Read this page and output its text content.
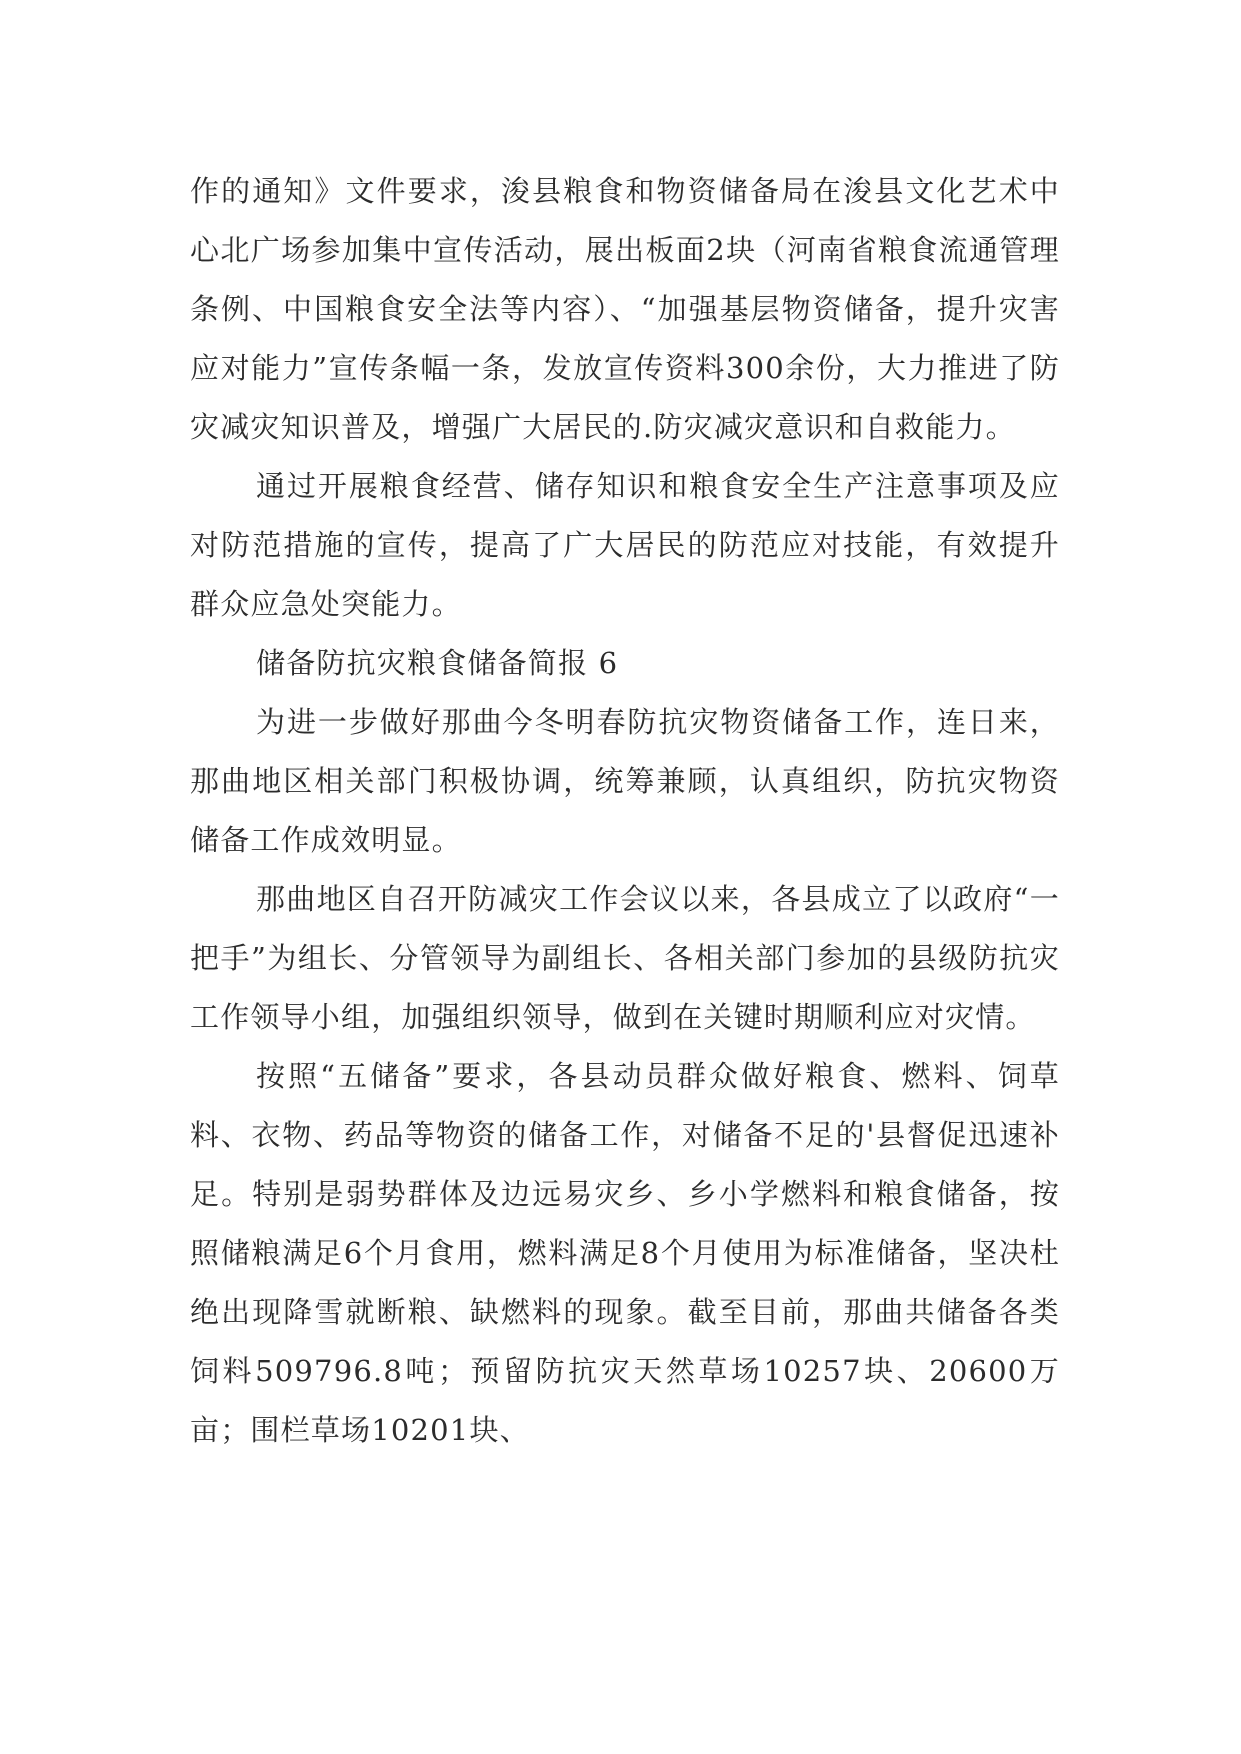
作的通知》文件要求，浚县粮食和物资储备局在浚县文化艺术中心北广场参加集中宣传活动，展出板面2块（河南省粮食流通管理条例、中国粮食安全法等内容）、“加强基层物资储备，提升灾害应对能力”宣传条幅一条，发放宣传资料300余份，大力推进了防灾减灾知识普及，增强广大居民的.防灾减灾意识和自救能力。

通过开展粮食经营、储存知识和粮食安全生产注意事项及应对防范措施的宣传，提高了广大居民的防范应对技能，有效提升群众应急处突能力。

储备防抗灾粮食储备简报 6

为进一步做好那曲今冬明春防抗灾物资储备工作，连日来，那曲地区相关部门积极协调，统筹兼顾，认真组织，防抗灾物资储备工作成效明显。

那曲地区自召开防减灾工作会议以来，各县成立了以政府“一把手”为组长、分管领导为副组长、各相关部门参加的县级防抗灾工作领导小组，加强组织领导，做到在关键时期顺利应对灾情。

按照“五储备”要求，各县动员群众做好粮食、燃料、饲草料、衣物、药品等物资的储备工作，对储备不足的'县督促迅速补足。特别是弱势群体及边远易灾乡、乡小学燃料和粮食储备，按照储粮满足6个月食用，燃料满足8个月使用为标准储备，坚决杜绝出现降雪就断粮、缺燃料的现象。截至目前，那曲共储备各类饲料509796.8吨；预留防抗灾天然草场10257块、20600万亩；围栏草场10201块、
